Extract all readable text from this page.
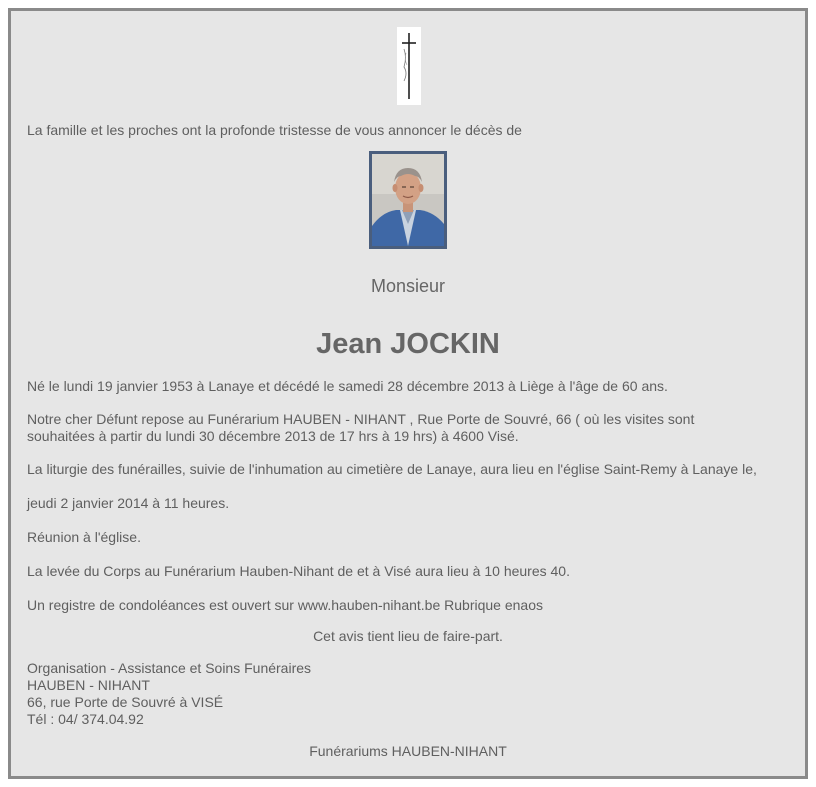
La famille et les proches ont la profonde tristesse de vous annoncer le décès de
Monsieur
Jean JOCKIN

Né le lundi 19 janvier 1953 à Lanaye et décédé le samedi 28 décembre 2013 à Liège à l'âge de 60 ans.

Notre cher Défunt repose au Funérarium HAUBEN - NIHANT , Rue Porte de Souvré, 66 ( où les visites sont
souhaitées à partir du lundi 30 décembre 2013 de 17 hrs à 19 hrs) à 4600 Visé.

La liturgie des funérailles, suivie de l'inhumation au cimetière de Lanaye, aura lieu en l'église Saint-Remy à Lanaye le,

jeudi 2 janvier 2014 à 11 heures.

Réunion à l'église.

La levée du Corps au Funérarium Hauben-Nihant de et à Visé aura lieu à 10 heures 40.

Un registre de condoléances est ouvert sur www.hauben-nihant.be Rubrique enaos

Cet avis tient lieu de faire-part.
Organisation - Assistance et Soins Funéraires
HAUBEN - NIHANT
66, rue Porte de Souvré à VISÉ
Tél : 04/ 374.04.92
Funérariums HAUBEN-NIHANT
